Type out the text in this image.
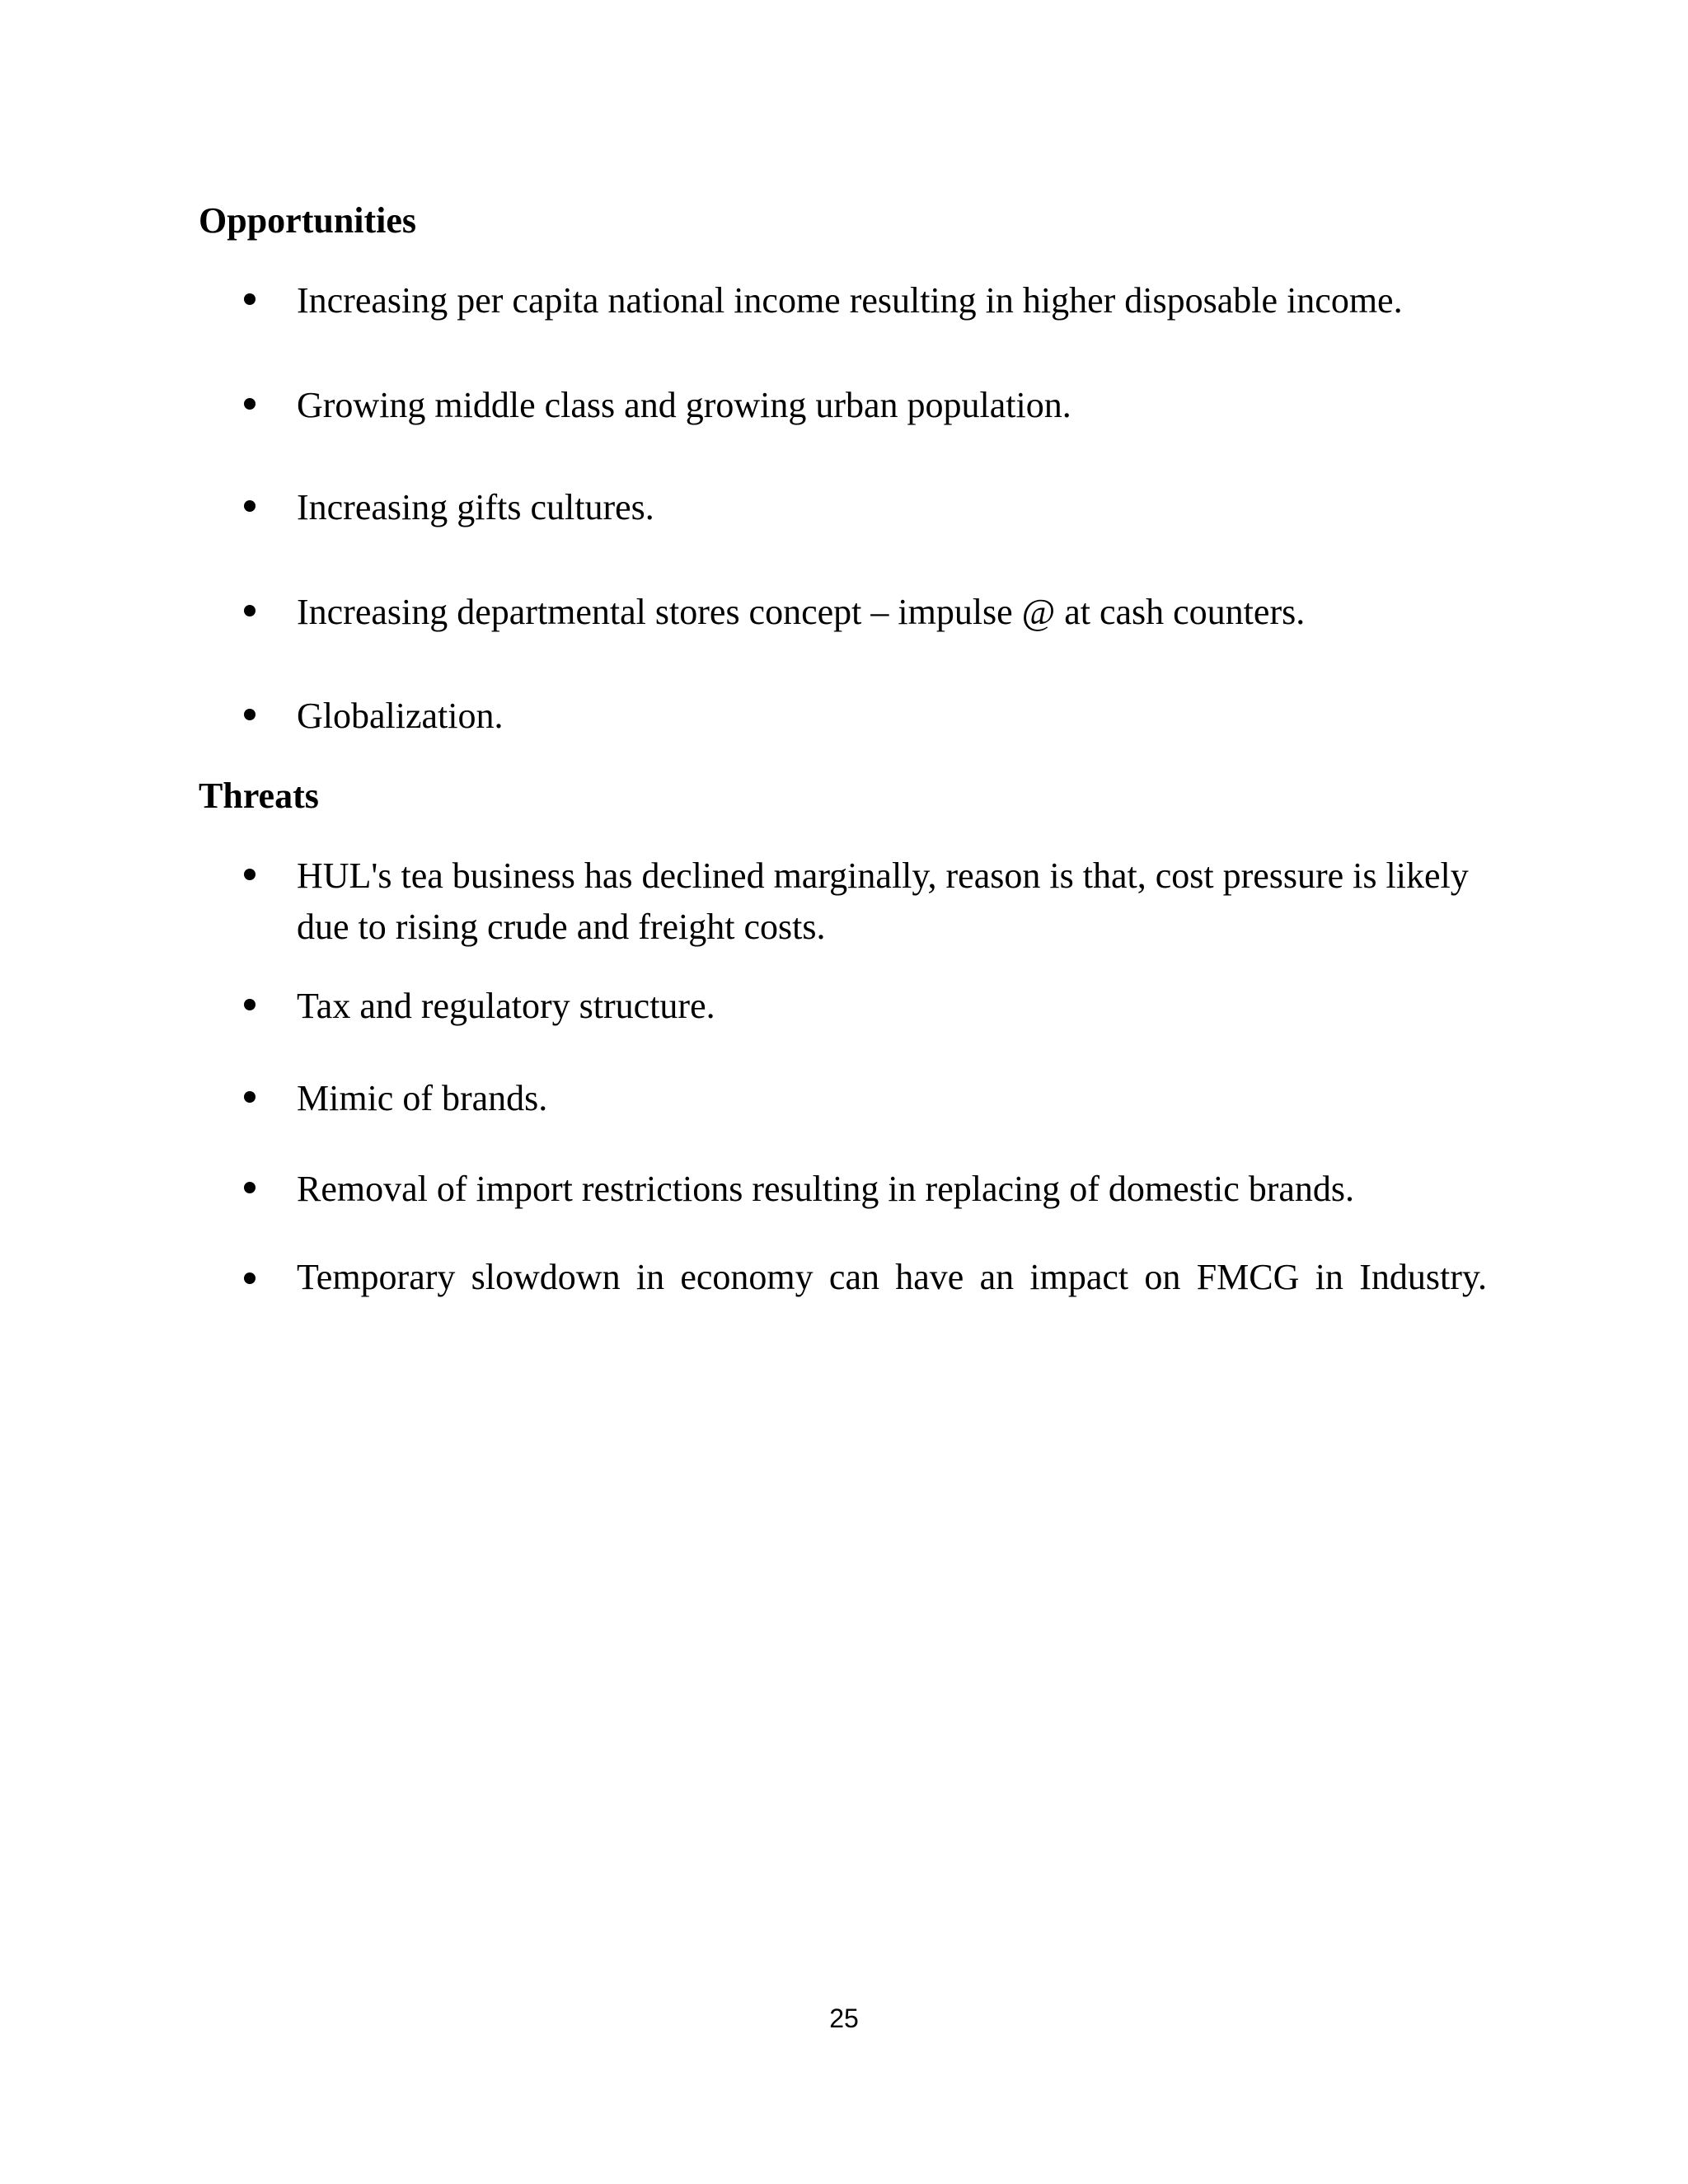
Opportunities
Increasing per capita national income resulting in higher disposable income.
Growing middle class and growing urban population.
Increasing gifts cultures.
Increasing departmental stores concept – impulse @ at cash counters.
Globalization.
Threats
HUL's tea business has declined marginally, reason is that, cost pressure is likely due to rising crude and freight costs.
Tax and regulatory structure.
Mimic of brands.
Removal of import restrictions resulting in replacing of domestic brands.
Temporary slowdown in economy can have an impact on FMCG in Industry.
25
